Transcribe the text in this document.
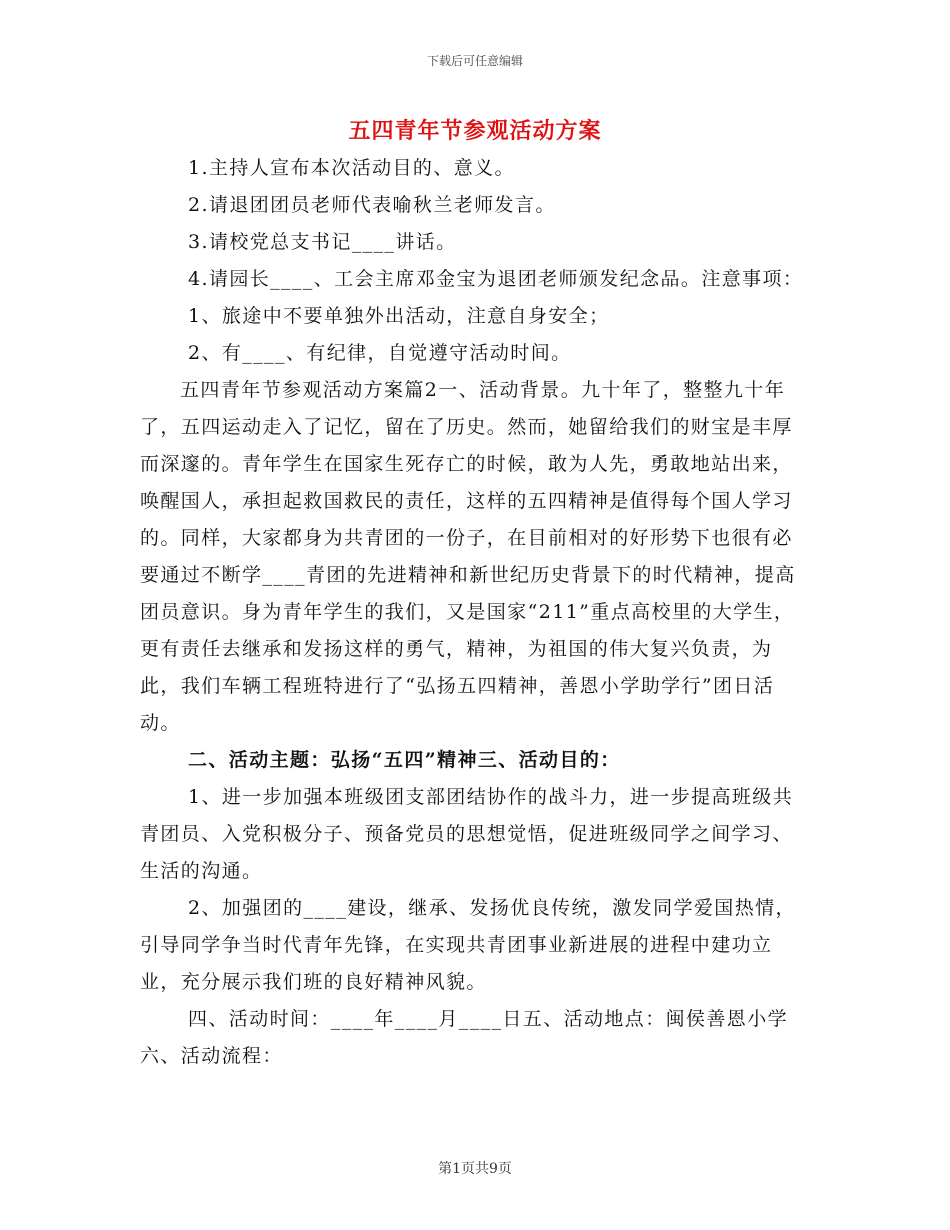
下载后可任意编辑
五四青年节参观活动方案

1.主持人宣布本次活动目的、意义。

2.请退团团员老师代表喻秋兰老师发言。

3.请校党总支书记____讲话。

4.请园长____、工会主席邓金宝为退团老师颁发纪念品。注意事项：

1、旅途中不要单独外出活动，注意自身安全；

2、有____、有纪律，自觉遵守活动时间。

五四青年节参观活动方案篇2一、活动背景。九十年了，整整九十年了，五四运动走入了记忆，留在了历史。然而，她留给我们的财宝是丰厚而深邃的。青年学生在国家生死存亡的时候，敢为人先，勇敢地站出来，唤醒国人，承担起救国救民的责任，这样的五四精神是值得每个国人学习的。同样，大家都身为共青团的一份子，在目前相对的好形势下也很有必要通过不断学____青团的先进精神和新世纪历史背景下的时代精神，提高团员意识。身为青年学生的我们，又是国家“211”重点高校里的大学生，更有责任去继承和发扬这样的勇气，精神，为祖国的伟大复兴负责，为此，我们车辆工程班特进行了“弘扬五四精神，善恩小学助学行”团日活动。

二、活动主题：弘扬“五四”精神三、活动目的：

1、进一步加强本班级团支部团结协作的战斗力，进一步提高班级共青团员、入党积极分子、预备党员的思想觉悟，促进班级同学之间学习、生活的沟通。

2、加强团的____建设，继承、发扬优良传统，激发同学爱国热情，引导同学争当时代青年先锋，在实现共青团事业新进展的进程中建功立业，充分展示我们班的良好精神风貌。

四、活动时间：____年____月____日五、活动地点：闽侯善恩小学六、活动流程：

第1页共9页
